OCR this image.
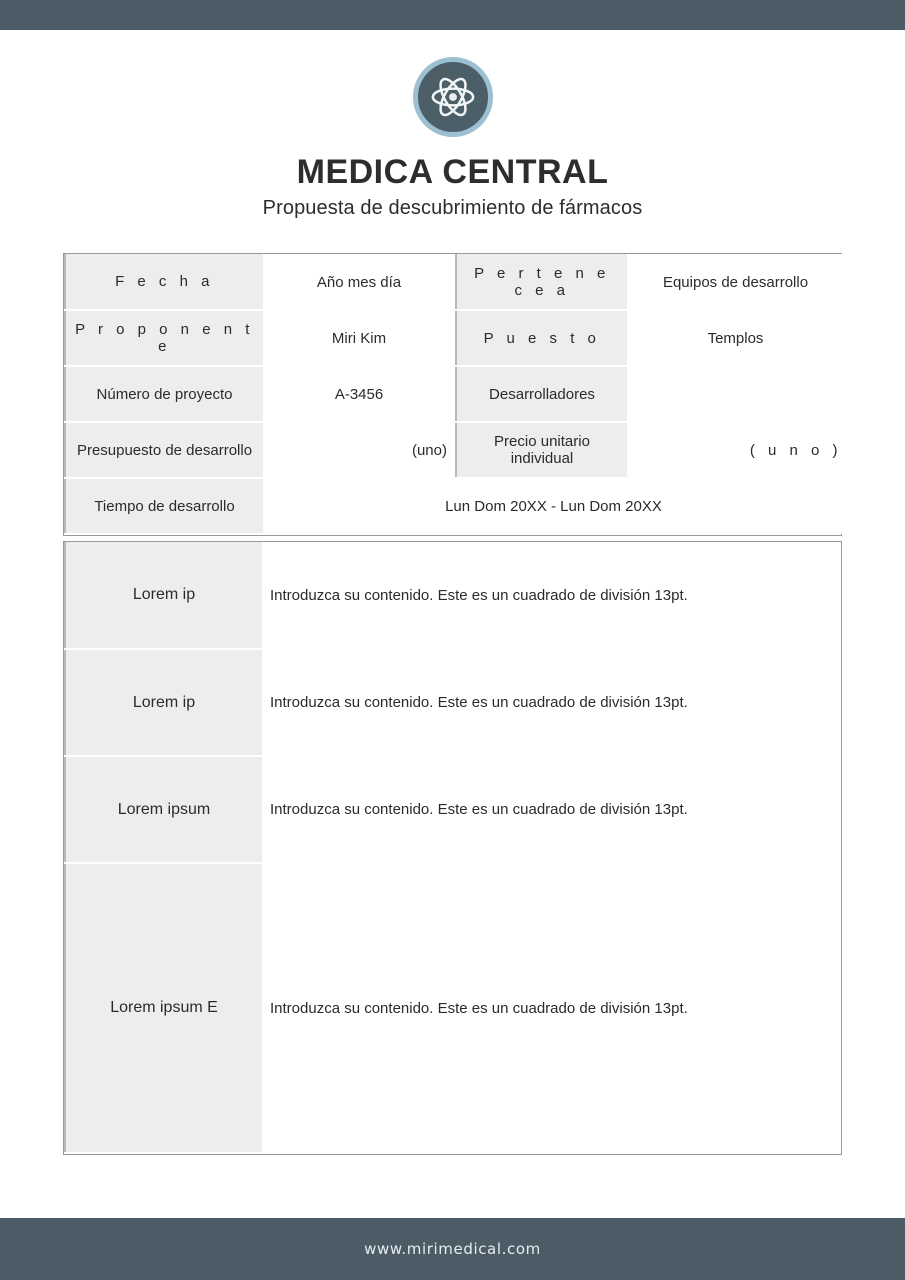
MEDICA CENTRAL
Propuesta de descubrimiento de fármacos
F e c h a	Año mes día	P e r t e n e c e a	Equipos de desarrollo
P r o p o n e n t e	Miri Kim	P u e s t o	Templos
Número de proyecto	A-3456	Desarrolladores	
Presupuesto de desarrollo	(uno)	Precio unitario individual	( u n o )
Tiempo de desarrollo	Lun Dom 20XX - Lun Dom 20XX		
Lorem ip	Introduzca su contenido. Este es un cuadrado de división 13pt.
Lorem ip	Introduzca su contenido. Este es un cuadrado de división 13pt.
Lorem ipsum	Introduzca su contenido. Este es un cuadrado de división 13pt.
Lorem ipsum E	Introduzca su contenido. Este es un cuadrado de división 13pt.
www.mirimedical.com
